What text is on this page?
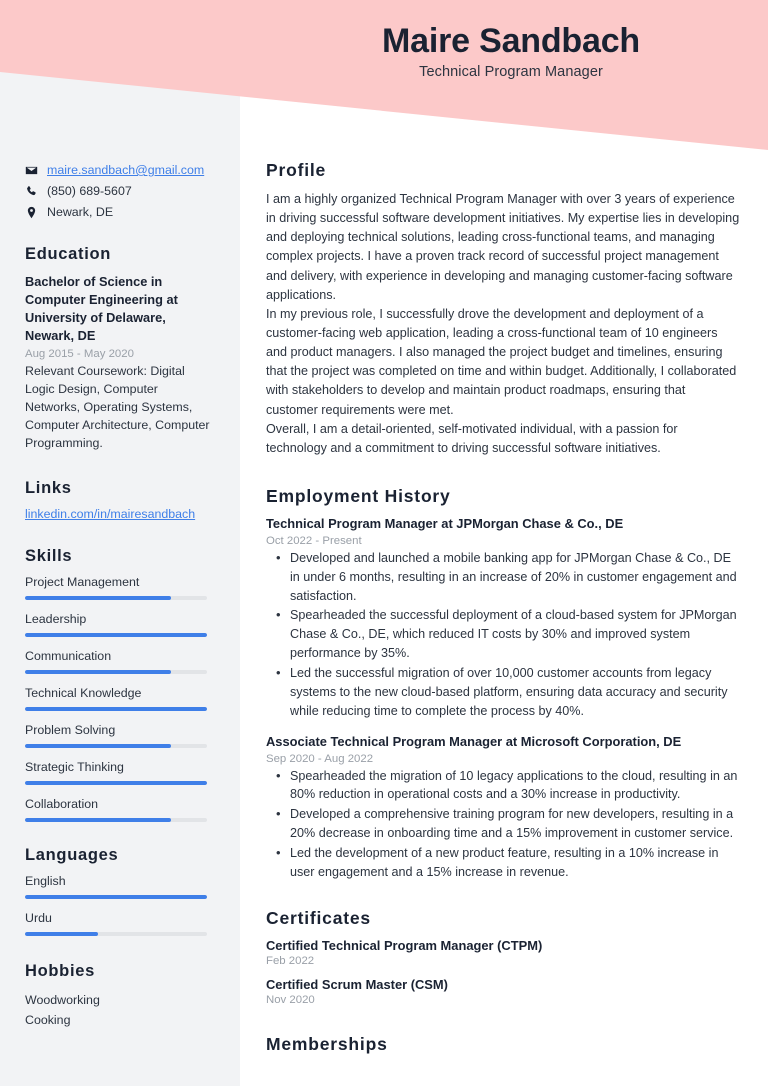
Maire Sandbach
Technical Program Manager
maire.sandbach@gmail.com
(850) 689-5607
Newark, DE
Education
Bachelor of Science in Computer Engineering at University of Delaware, Newark, DE
Aug 2015 - May 2020
Relevant Coursework: Digital Logic Design, Computer Networks, Operating Systems, Computer Architecture, Computer Programming.
Links
linkedin.com/in/mairesandbach
Skills
Project Management
Leadership
Communication
Technical Knowledge
Problem Solving
Strategic Thinking
Collaboration
Languages
English
Urdu
Hobbies
Woodworking
Cooking
Profile
I am a highly organized Technical Program Manager with over 3 years of experience in driving successful software development initiatives. My expertise lies in developing and deploying technical solutions, leading cross-functional teams, and managing complex projects. I have a proven track record of successful project management and delivery, with experience in developing and managing customer-facing software applications.
In my previous role, I successfully drove the development and deployment of a customer-facing web application, leading a cross-functional team of 10 engineers and product managers. I also managed the project budget and timelines, ensuring that the project was completed on time and within budget. Additionally, I collaborated with stakeholders to develop and maintain product roadmaps, ensuring that customer requirements were met.
Overall, I am a detail-oriented, self-motivated individual, with a passion for technology and a commitment to driving successful software initiatives.
Employment History
Technical Program Manager at JPMorgan Chase & Co., DE
Oct 2022 - Present
• Developed and launched a mobile banking app for JPMorgan Chase & Co., DE in under 6 months, resulting in an increase of 20% in customer engagement and satisfaction.
• Spearheaded the successful deployment of a cloud-based system for JPMorgan Chase & Co., DE, which reduced IT costs by 30% and improved system performance by 35%.
• Led the successful migration of over 10,000 customer accounts from legacy systems to the new cloud-based platform, ensuring data accuracy and security while reducing time to complete the process by 40%.
Associate Technical Program Manager at Microsoft Corporation, DE
Sep 2020 - Aug 2022
• Spearheaded the migration of 10 legacy applications to the cloud, resulting in an 80% reduction in operational costs and a 30% increase in productivity.
• Developed a comprehensive training program for new developers, resulting in a 20% decrease in onboarding time and a 15% improvement in customer service.
• Led the development of a new product feature, resulting in a 10% increase in user engagement and a 15% increase in revenue.
Certificates
Certified Technical Program Manager (CTPM)
Feb 2022
Certified Scrum Master (CSM)
Nov 2020
Memberships
